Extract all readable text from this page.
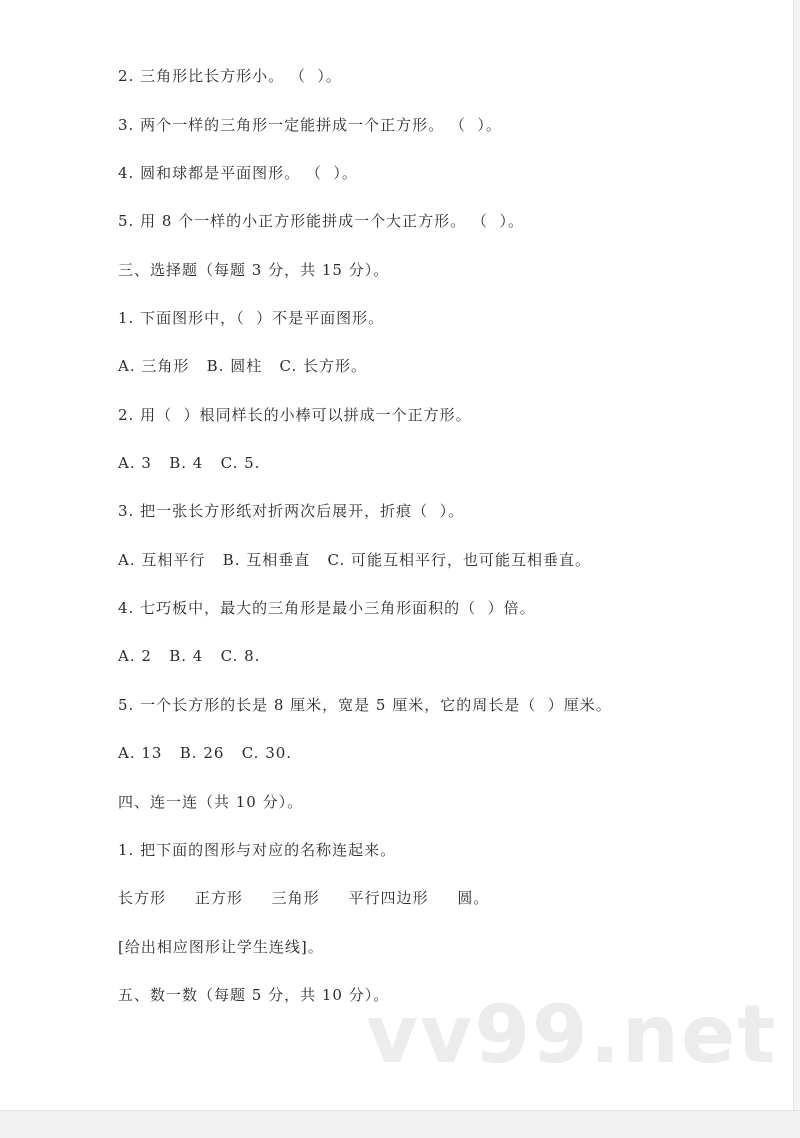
2. 三角形比长方形小。 （  ）。
3. 两个一样的三角形一定能拼成一个正方形。 （  ）。
4. 圆和球都是平面图形。 （  ）。
5. 用 8 个一样的小正方形能拼成一个大正方形。 （  ）。
三、选择题（每题 3 分，共 15 分）。
1. 下面图形中，（  ）不是平面图形。
A. 三角形   B. 圆柱   C. 长方形。
2. 用（  ）根同样长的小棒可以拼成一个正方形。
A. 3   B. 4   C. 5.
3. 把一张长方形纸对折两次后展开，折痕（  ）。
A. 互相平行   B. 互相垂直   C. 可能互相平行，也可能互相垂直。
4. 七巧板中，最大的三角形是最小三角形面积的（  ）倍。
A. 2   B. 4   C. 8.
5. 一个长方形的长是 8 厘米，宽是 5 厘米，它的周长是（  ）厘米。
A. 13   B. 26   C. 30.
四、连一连（共 10 分）。
1. 把下面的图形与对应的名称连起来。
长方形     正方形     三角形     平行四边形     圆。
[给出相应图形让学生连线]。
五、数一数（每题 5 分，共 10 分）。
vv99.net
